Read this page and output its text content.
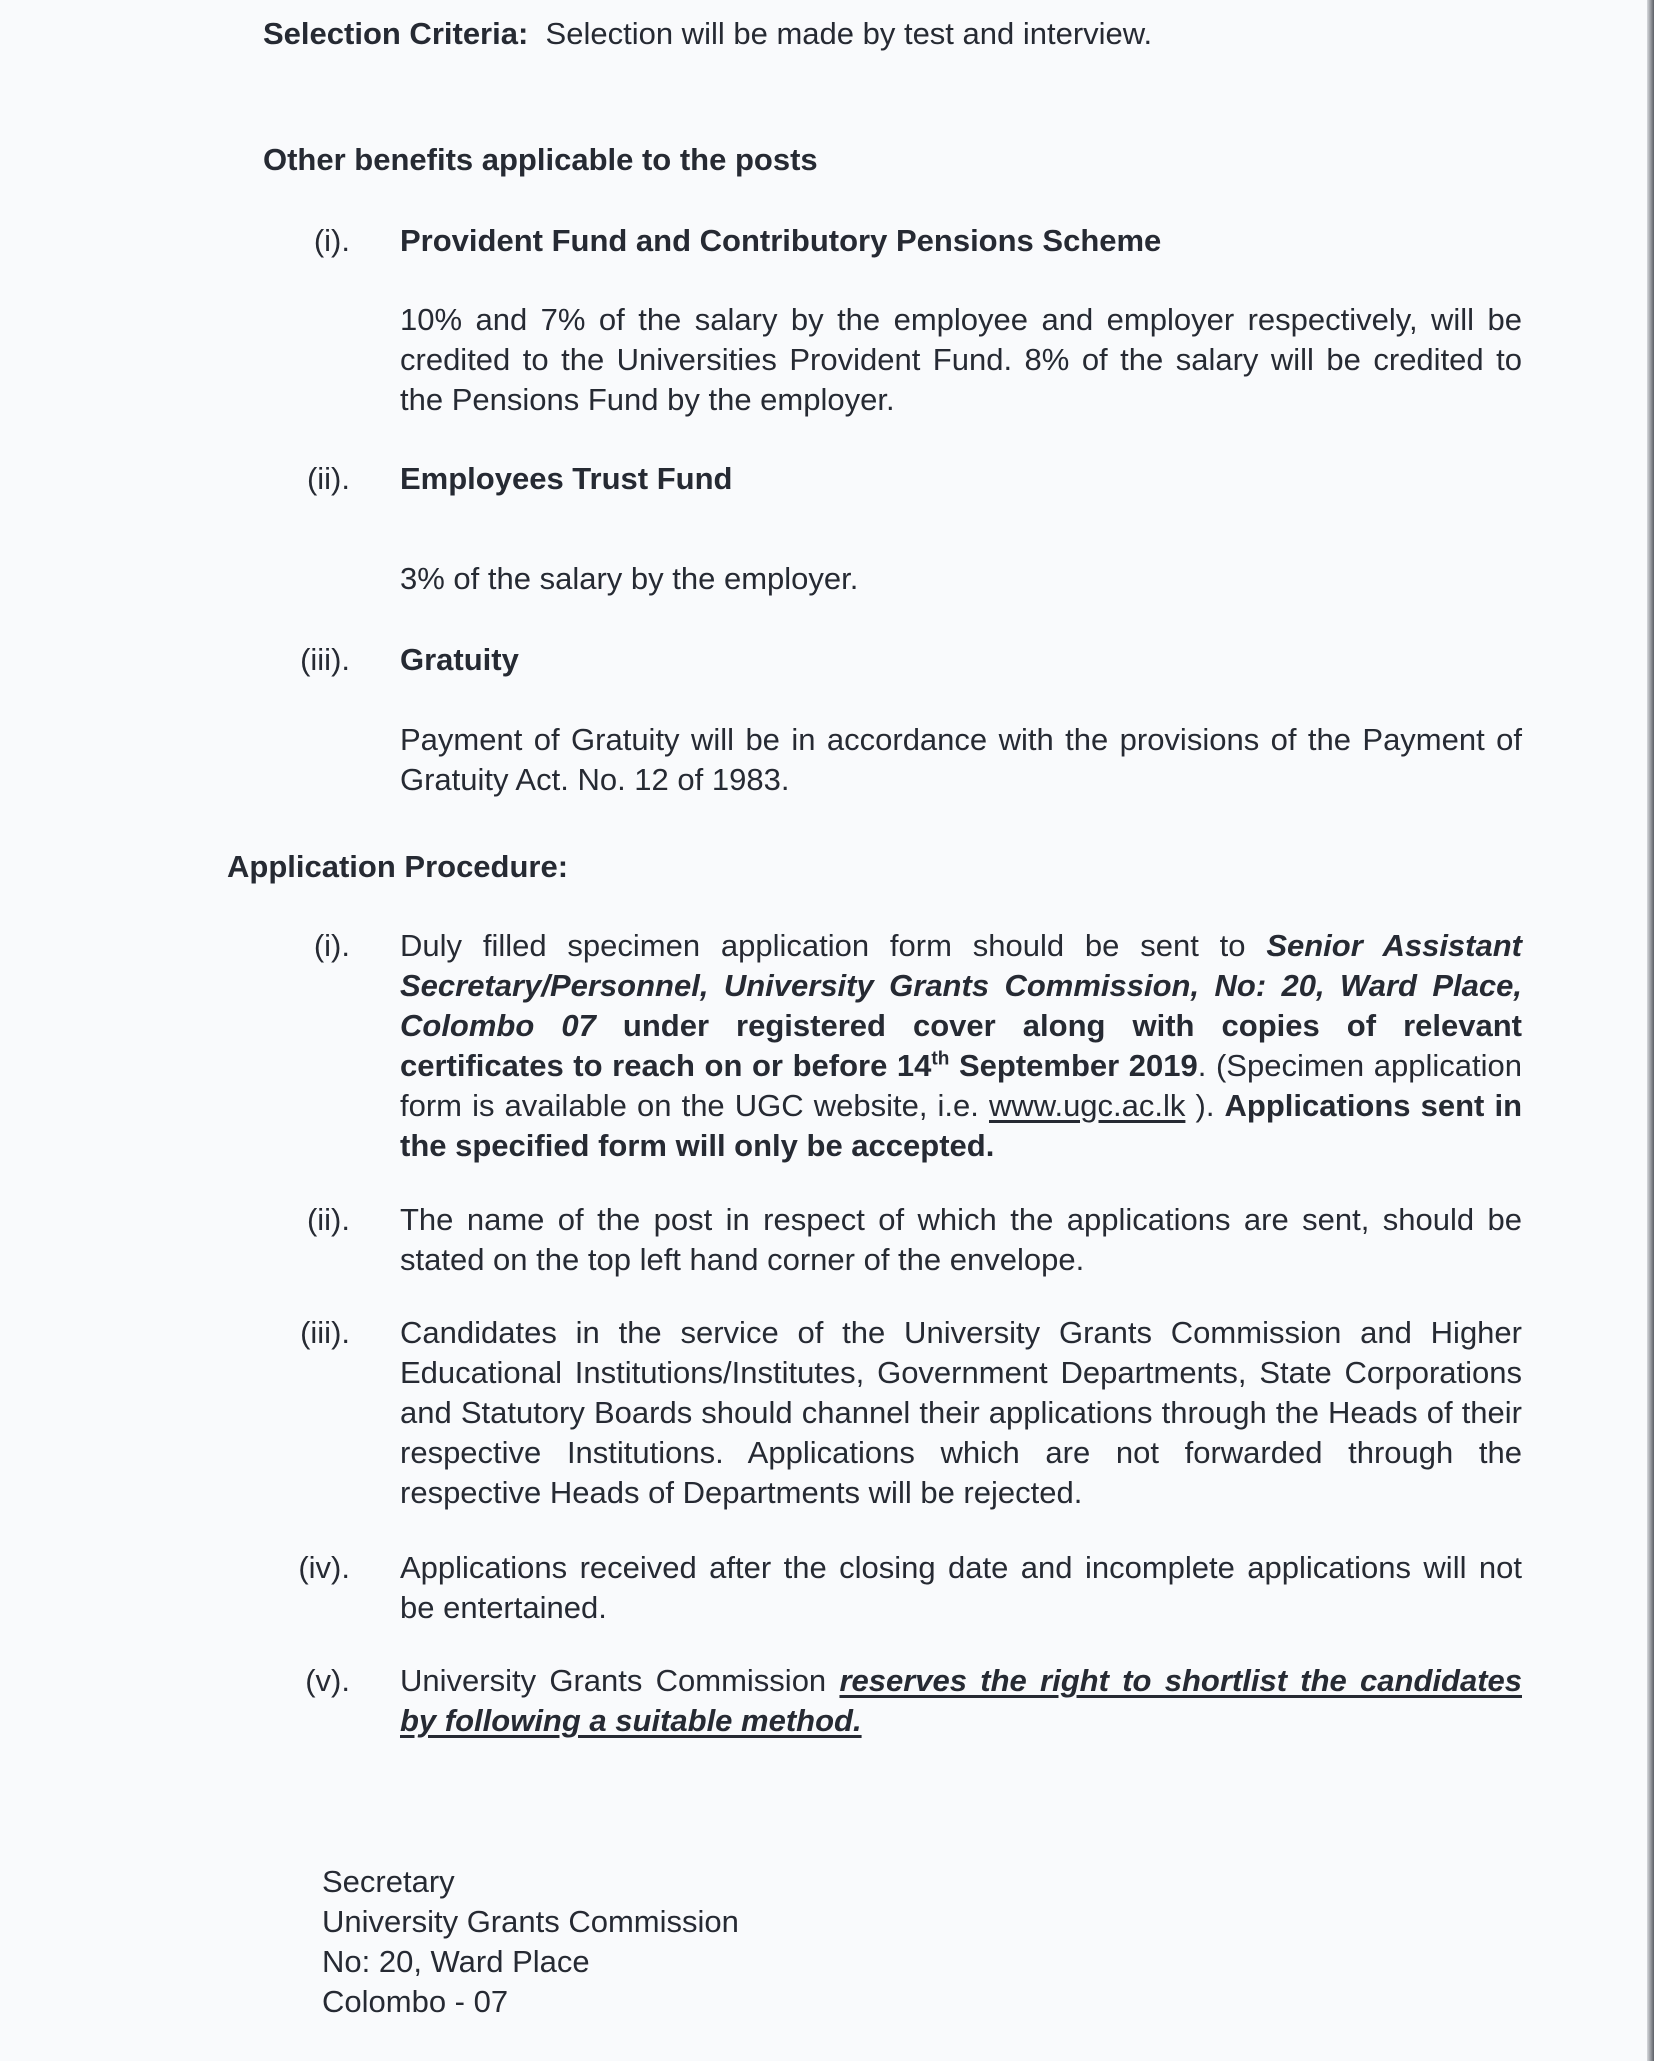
Selection Criteria: Selection will be made by test and interview.
Other benefits applicable to the posts
(i). Provident Fund and Contributory Pensions Scheme
10% and 7% of the salary by the employee and employer respectively, will be credited to the Universities Provident Fund. 8% of the salary will be credited to the Pensions Fund by the employer.
(ii). Employees Trust Fund
3% of the salary by the employer.
(iii). Gratuity
Payment of Gratuity will be in accordance with the provisions of the Payment of Gratuity Act. No. 12 of 1983.
Application Procedure:
(i). Duly filled specimen application form should be sent to Senior Assistant Secretary/Personnel, University Grants Commission, No: 20, Ward Place, Colombo 07 under registered cover along with copies of relevant certificates to reach on or before 14th September 2019. (Specimen application form is available on the UGC website, i.e. www.ugc.ac.lk ). Applications sent in the specified form will only be accepted.
(ii). The name of the post in respect of which the applications are sent, should be stated on the top left hand corner of the envelope.
(iii). Candidates in the service of the University Grants Commission and Higher Educational Institutions/Institutes, Government Departments, State Corporations and Statutory Boards should channel their applications through the Heads of their respective Institutions. Applications which are not forwarded through the respective Heads of Departments will be rejected.
(iv). Applications received after the closing date and incomplete applications will not be entertained.
(v). University Grants Commission reserves the right to shortlist the candidates by following a suitable method.
Secretary
University Grants Commission
No: 20, Ward Place
Colombo - 07
